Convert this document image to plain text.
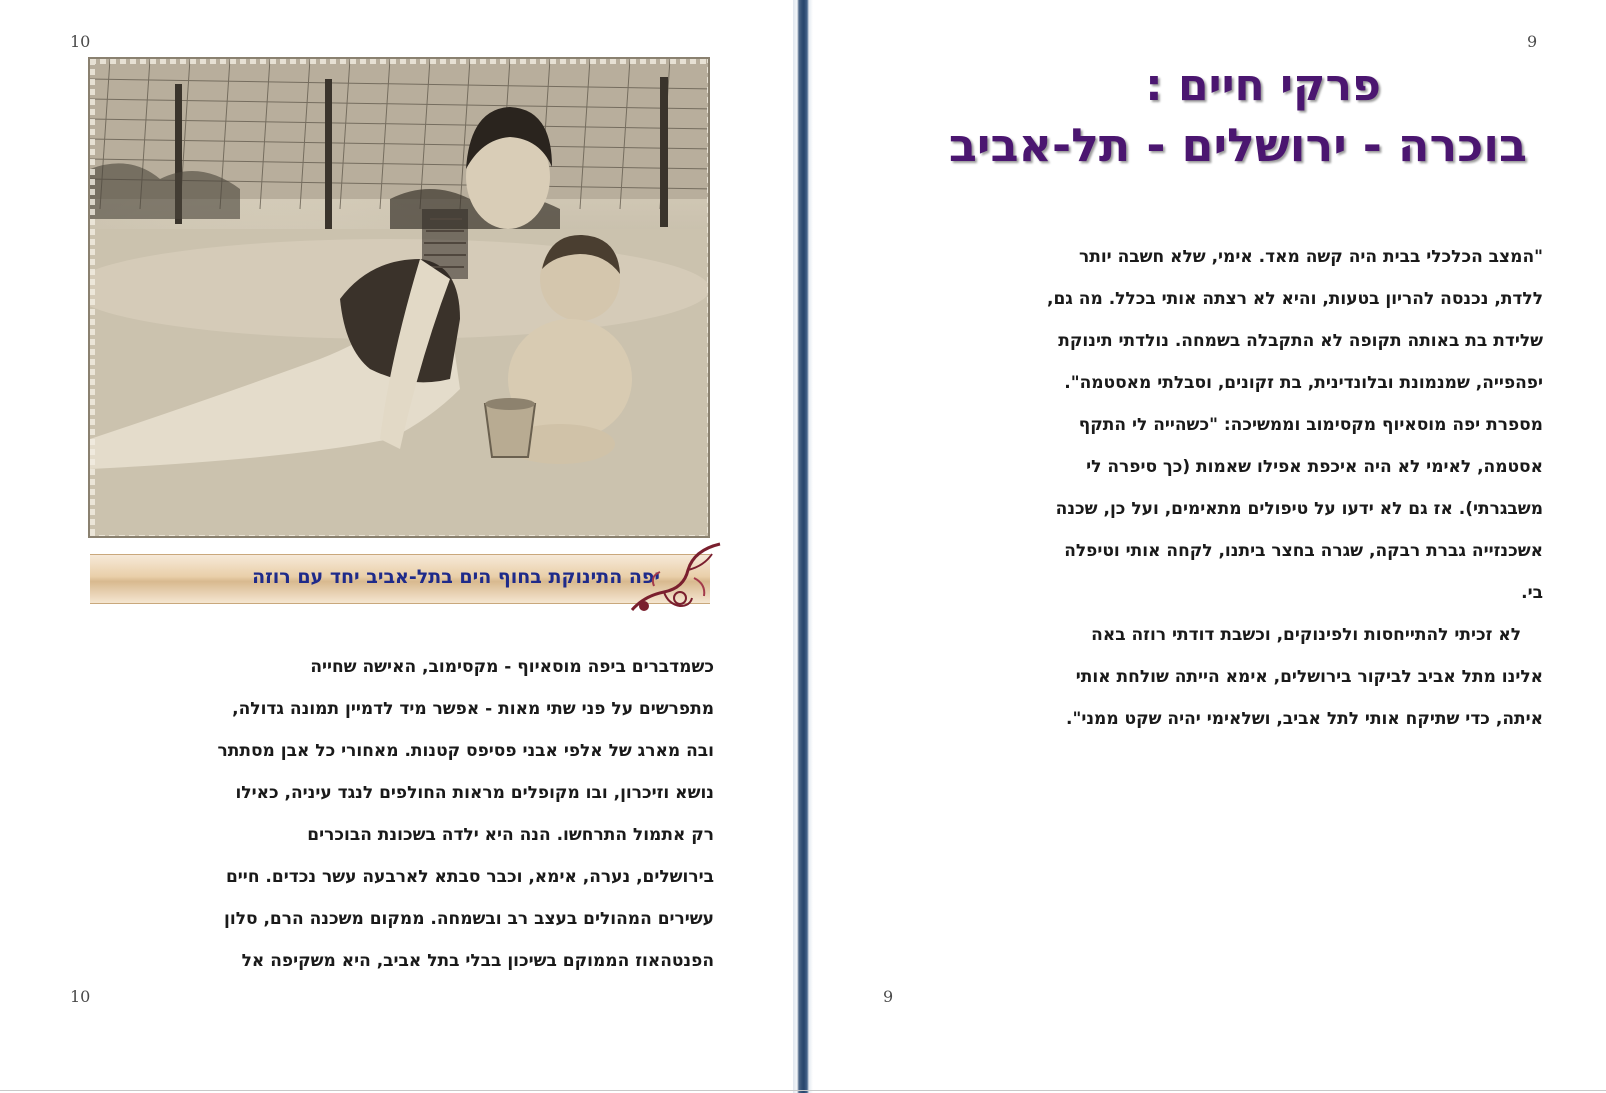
10
יפה התינוקת בחוף הים בתל-אביב יחד עם רוזה
כשמדברים ביפה מוסאיוף - מקסימוב, האישה שחייה
מתפרשים על פני שתי מאות - אפשר מיד לדמיין תמונה גדולה,
ובה מארג של אלפי אבני פסיפס קטנות. מאחורי כל אבן מסתתר
נושא וזיכרון, ובו מקופלים מראות החולפים לנגד עיניה, כאילו
רק אתמול התרחשו. הנה היא ילדה בשכונת הבוכרים
בירושלים, נערה, אימא, וכבר סבתא לארבעה עשר נכדים. חיים
עשירים המהולים בעצב רב ובשמחה. ממקום משכנה הרם, סלון
הפנטהאוז הממוקם בשיכון בבלי בתל אביב, היא משקיפה אל
10
9
פרקי חיים :
בוכרה - ירושלים - תל-אביב
"המצב הכלכלי בבית היה קשה מאד. אימי, שלא חשבה יותר
ללדת, נכנסה להריון בטעות, והיא לא רצתה אותי בכלל. מה גם,
שלידת בת באותה תקופה לא התקבלה בשמחה. נולדתי תינוקת
יפהפייה, שמנמונת ובלונדינית, בת זקונים, וסבלתי מאסטמה".
מספרת יפה מוסאיוף מקסימוב וממשיכה: "כשהייה לי התקף
אסטמה, לאימי לא היה איכפת אפילו שאמות (כך סיפרה לי
משבגרתי). אז גם לא ידעו על טיפולים מתאימים, ועל כן, שכנה
אשכנזייה גברת רבקה, שגרה בחצר ביתנו, לקחה אותי וטיפלה
בי.
לא זכיתי להתייחסות ולפינוקים, וכשבת דודתי רוזה באה
אלינו מתל אביב לביקור בירושלים, אימא הייתה שולחת אותי
איתה, כדי שתיקח אותי לתל אביב, ושלאימי יהיה שקט ממני".
9
